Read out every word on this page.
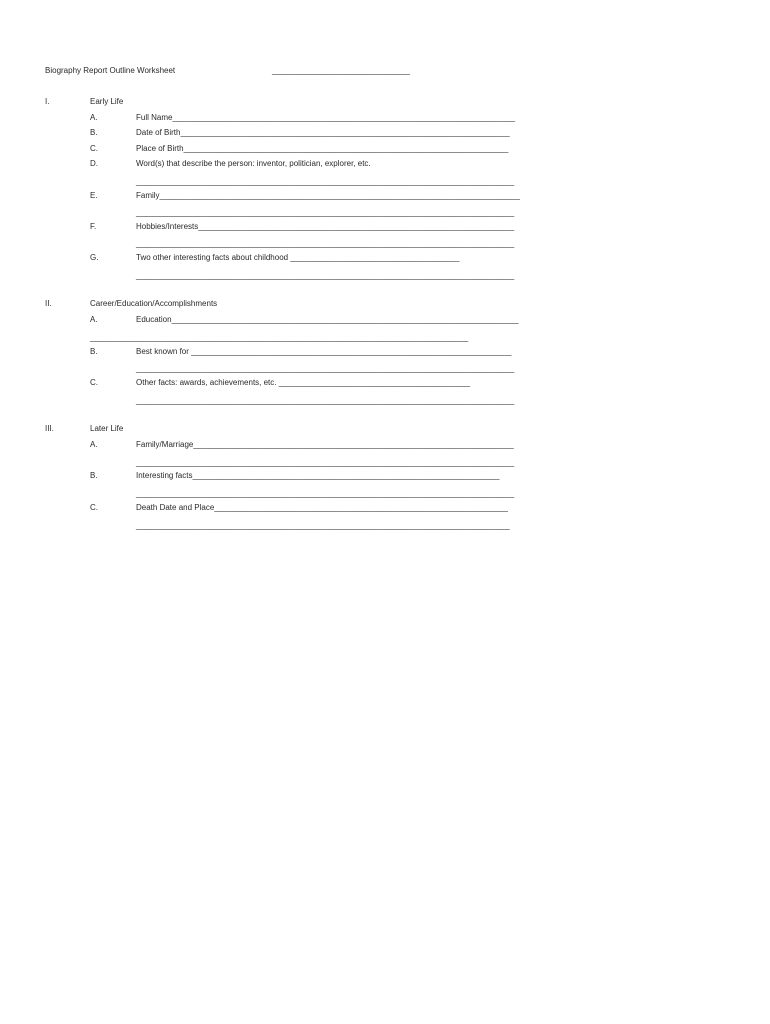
Biography Report Outline Worksheet	_______________________________
I.	Early Life
A.	Full Name_____________________________________________________________________________
B.	Date of Birth__________________________________________________________________________
C.	Place of Birth_________________________________________________________________________
D.	Word(s) that describe the person: inventor, politician, explorer, etc.
_____________________________________________________________________________________
E.	Family_________________________________________________________________________________
_____________________________________________________________________________________
F.	Hobbies/Interests_______________________________________________________________________
_____________________________________________________________________________________
G.	Two other interesting facts about childhood ______________________________________
_____________________________________________________________________________________
II.	Career/Education/Accomplishments
A.	Education______________________________________________________________________________
_____________________________________________________________________________________
B.	Best known for ________________________________________________________________________
_____________________________________________________________________________________
C.	Other facts: awards, achievements, etc. ___________________________________________
_____________________________________________________________________________________
III.	Later Life
A.	Family/Marriage________________________________________________________________________
_____________________________________________________________________________________
B.	Interesting facts_____________________________________________________________________
_____________________________________________________________________________________
C.	Death Date and Place__________________________________________________________________
____________________________________________________________________________________
